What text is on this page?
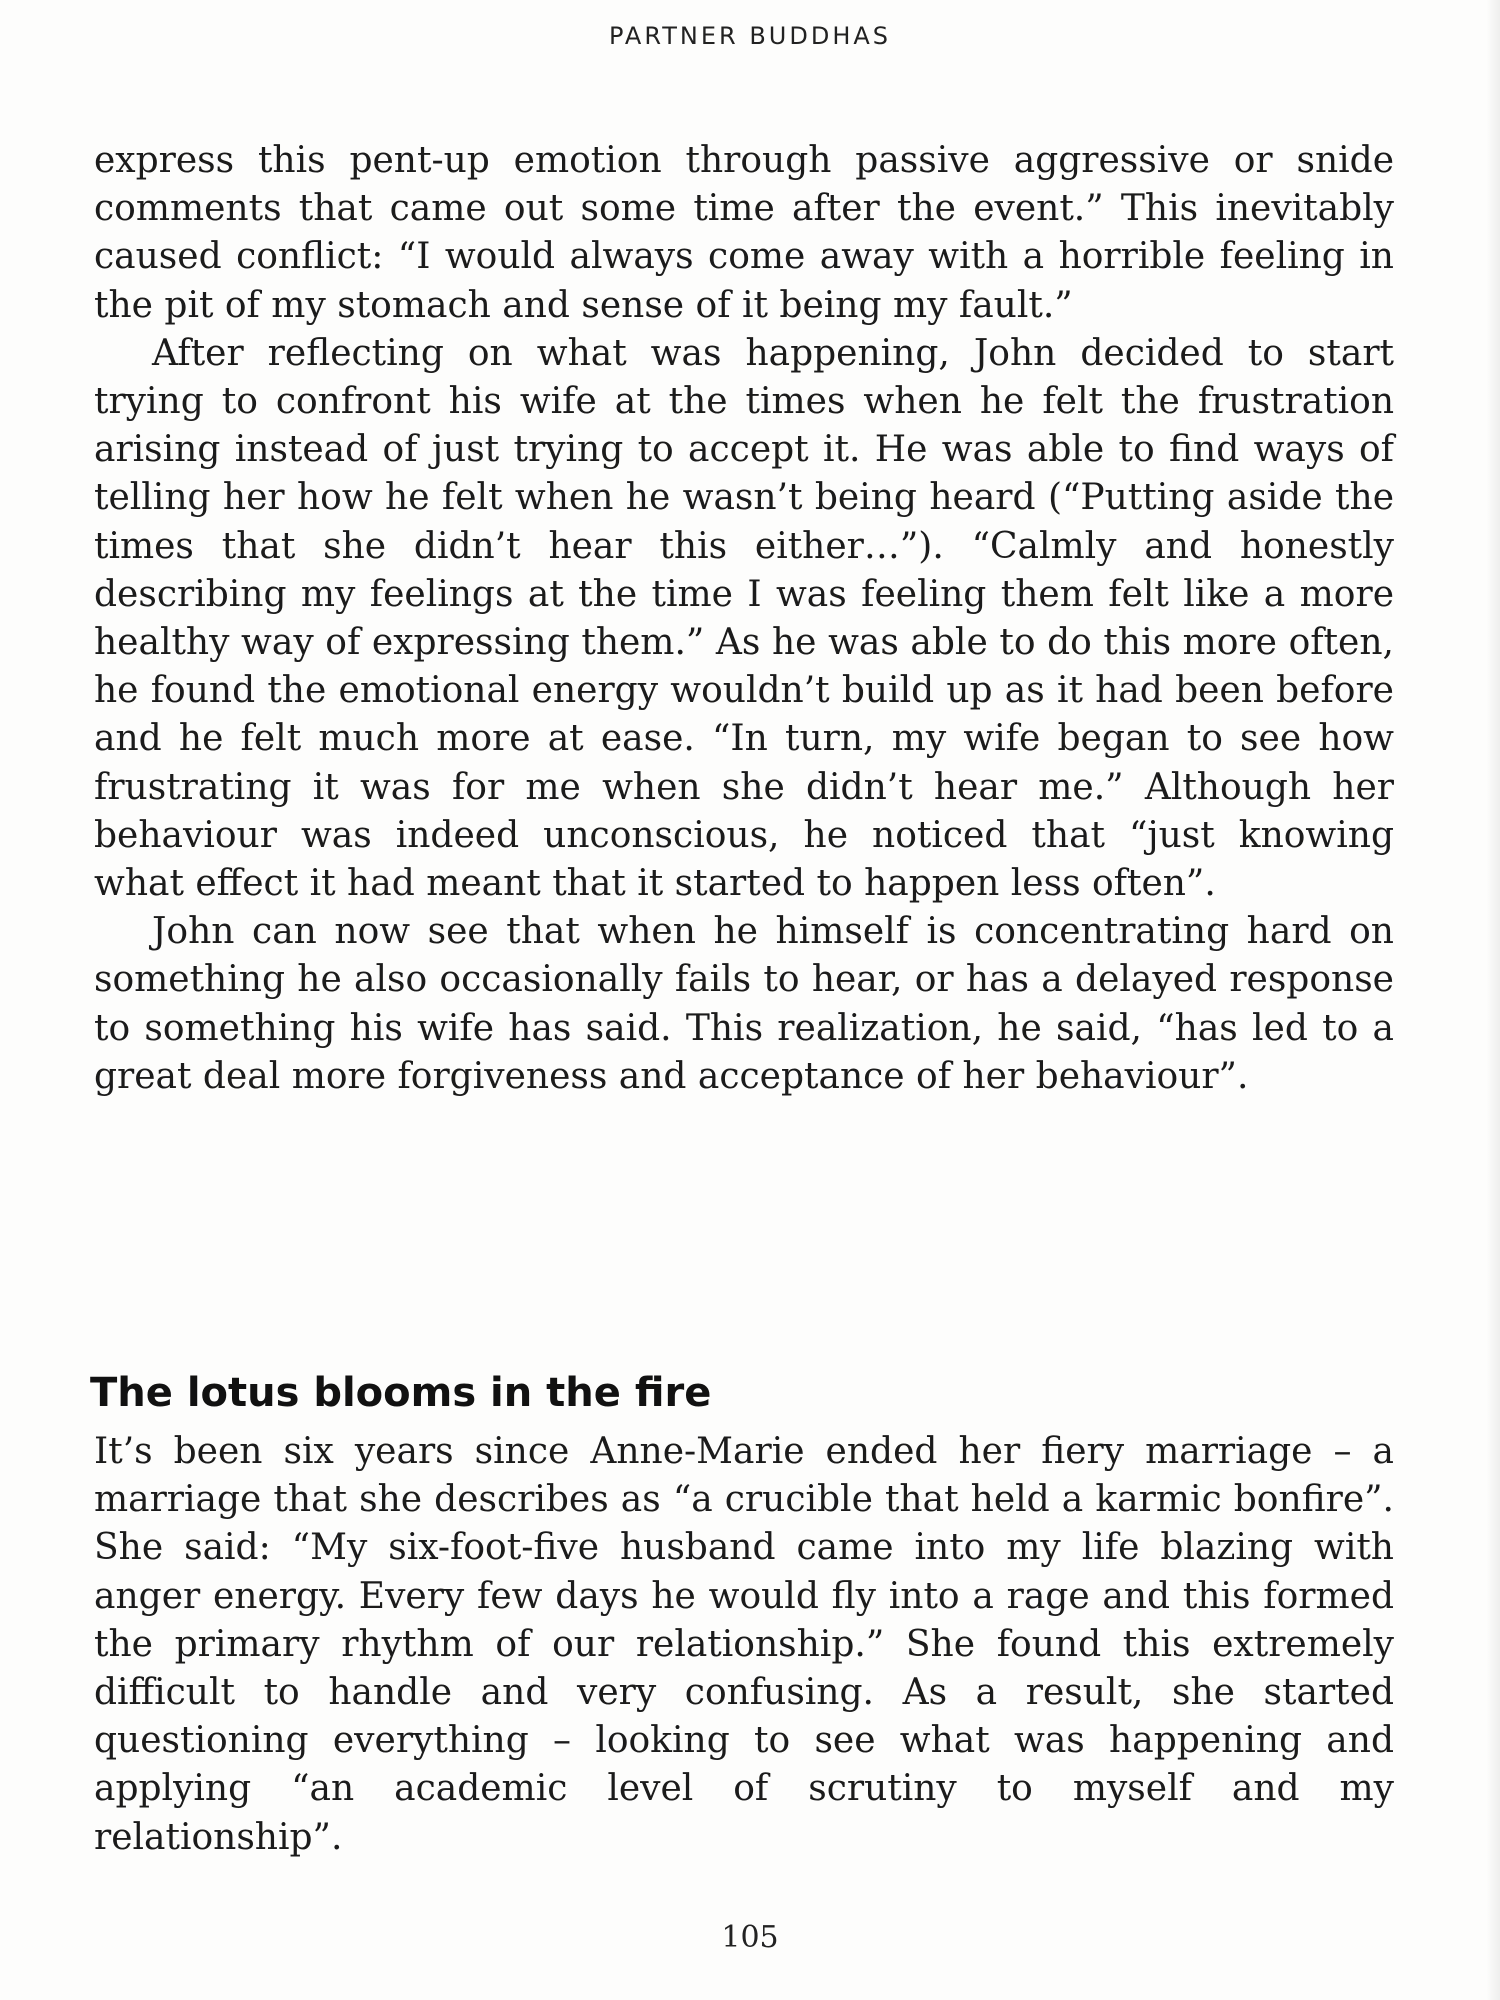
PARTNER BUDDHAS

express this pent-up emotion through passive aggressive or snide comments that came out some time after the event.” This inevitably caused conflict: “I would always come away with a horrible feeling in the pit of my stomach and sense of it being my fault.”

After reflecting on what was happening, John decided to start trying to confront his wife at the times when he felt the frustration arising instead of just trying to accept it. He was able to find ways of telling her how he felt when he wasn’t being heard (“Putting aside the times that she didn’t hear this either…”). “Calmly and honestly describing my feelings at the time I was feeling them felt like a more healthy way of expressing them.” As he was able to do this more often, he found the emotional energy wouldn’t build up as it had been before and he felt much more at ease. “In turn, my wife began to see how frustrating it was for me when she didn’t hear me.” Although her behaviour was indeed unconscious, he noticed that “just knowing what effect it had meant that it started to happen less often”.

John can now see that when he himself is concentrating hard on something he also occasionally fails to hear, or has a delayed response to something his wife has said. This realization, he said, “has led to a great deal more forgiveness and acceptance of her behaviour”.

The lotus blooms in the fire

It’s been six years since Anne-Marie ended her fiery marriage – a marriage that she describes as “a crucible that held a karmic bonfire”. She said: “My six-foot-five husband came into my life blazing with anger energy. Every few days he would fly into a rage and this formed the primary rhythm of our relationship.” She found this extremely difficult to handle and very confusing. As a result, she started questioning everything – looking to see what was happening and applying “an academic level of scrutiny to myself and my relationship”.

105
